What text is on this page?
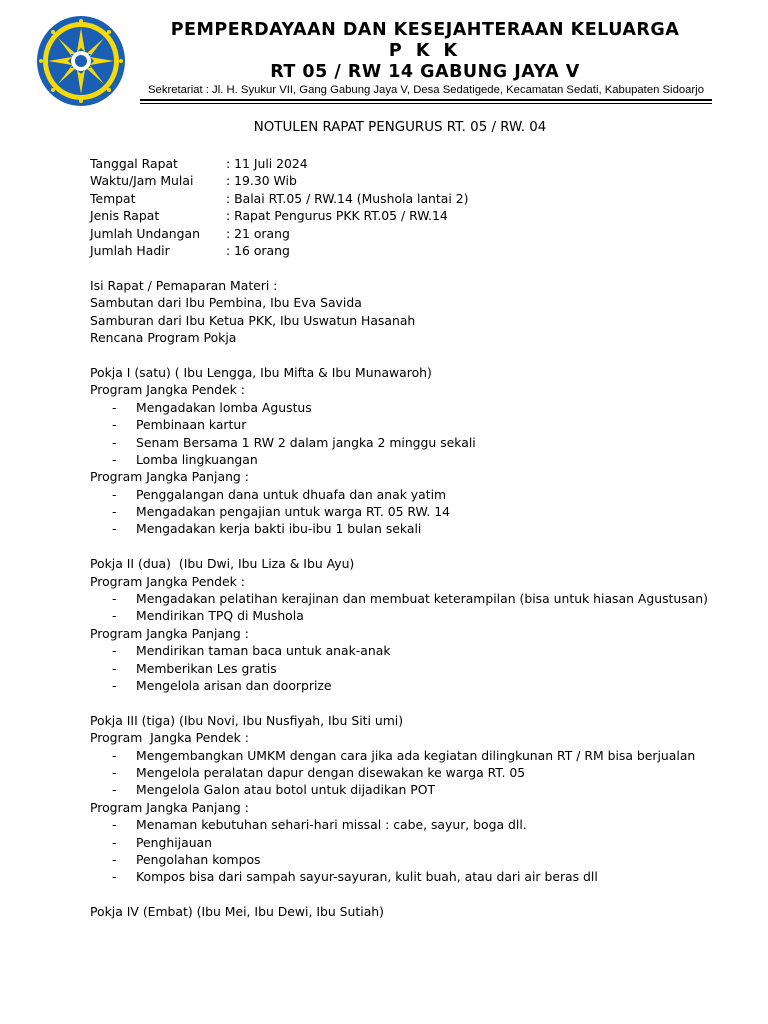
PEMPERDAYAAN DAN KESEJAHTERAAN KELUARGA
P K K
RT 05 / RW 14 GABUNG JAYA V
Sekretariat : Jl. H. Syukur VII, Gang Gabung Jaya V, Desa Sedatigede, Kecamatan Sedati, Kabupaten Sidoarjo
NOTULEN RAPAT PENGURUS RT. 05 / RW. 04
Tanggal Rapat	: 11 Juli 2024
Waktu/Jam Mulai	: 19.30 Wib
Tempat	: Balai RT.05 / RW.14 (Mushola lantai 2)
Jenis Rapat	: Rapat Pengurus PKK RT.05 / RW.14
Jumlah Undangan : 21 orang
Jumlah Hadir	: 16 orang
Isi Rapat / Pemaparan Materi :
Sambutan dari Ibu Pembina, Ibu Eva Savida
Samburan dari Ibu Ketua PKK, Ibu Uswatun Hasanah
Rencana Program Pokja
Pokja I (satu) ( Ibu Lengga, Ibu Mifta & Ibu Munawaroh)
Program Jangka Pendek :
- Mengadakan lomba Agustus
- Pembinaan kartur
- Senam Bersama 1 RW 2 dalam jangka 2 minggu sekali
- Lomba lingkuangan
Program Jangka Panjang :
- Penggalangan dana untuk dhuafa dan anak yatim
- Mengadakan pengajian untuk warga RT. 05 RW. 14
- Mengadakan kerja bakti ibu-ibu 1 bulan sekali
Pokja II (dua)  (Ibu Dwi, Ibu Liza & Ibu Ayu)
Program Jangka Pendek :
- Mengadakan pelatihan kerajinan dan membuat keterampilan (bisa untuk hiasan Agustusan)
- Mendirikan TPQ di Mushola
Program Jangka Panjang :
- Mendirikan taman baca untuk anak-anak
- Memberikan Les gratis
- Mengelola arisan dan doorprize
Pokja III (tiga) (Ibu Novi, Ibu Nusfiyah, Ibu Siti umi)
Program  Jangka Pendek :
- Mengembangkan UMKM dengan cara jika ada kegiatan dilingkunan RT / RM bisa berjualan
- Mengelola peralatan dapur dengan disewakan ke warga RT. 05
- Mengelola Galon atau botol untuk dijadikan POT
Program Jangka Panjang :
- Menaman kebutuhan sehari-hari missal : cabe, sayur, boga dll.
- Penghijauan
- Pengolahan kompos
- Kompos bisa dari sampah sayur-sayuran, kulit buah, atau dari air beras dll
Pokja IV (Embat) (Ibu Mei, Ibu Dewi, Ibu Sutiah)
